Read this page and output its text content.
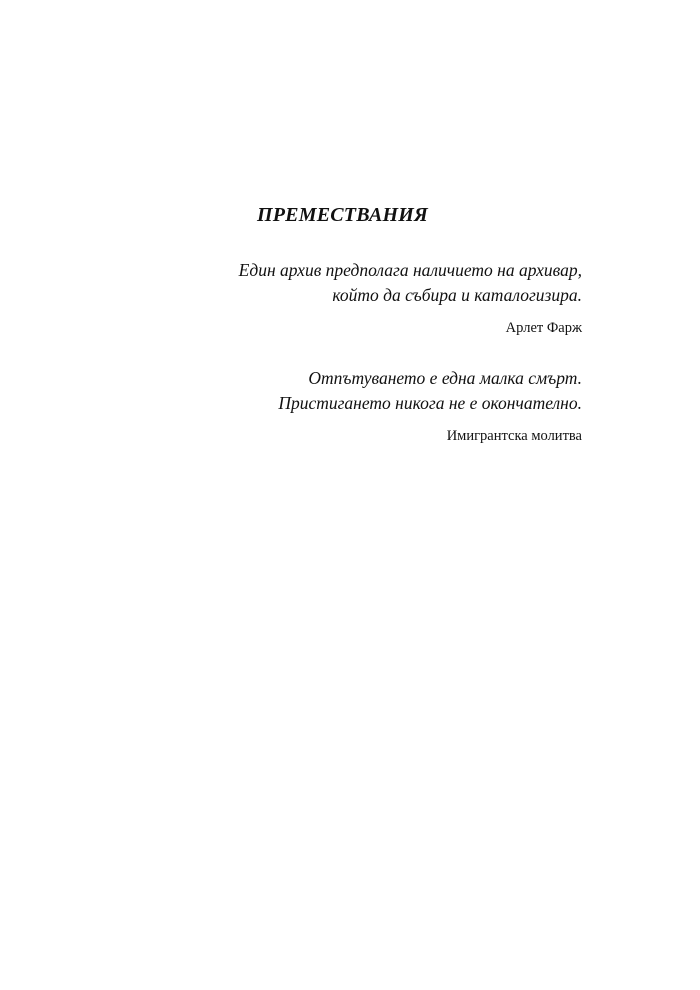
ПРЕМЕСТВАНИЯ
Един архив предполага наличието на архивар,
който да събира и каталогизира.
Арлет Фарж
Отпътуването е една малка смърт.
Пристигането никога не е окончателно.
Имигрантска молитва
